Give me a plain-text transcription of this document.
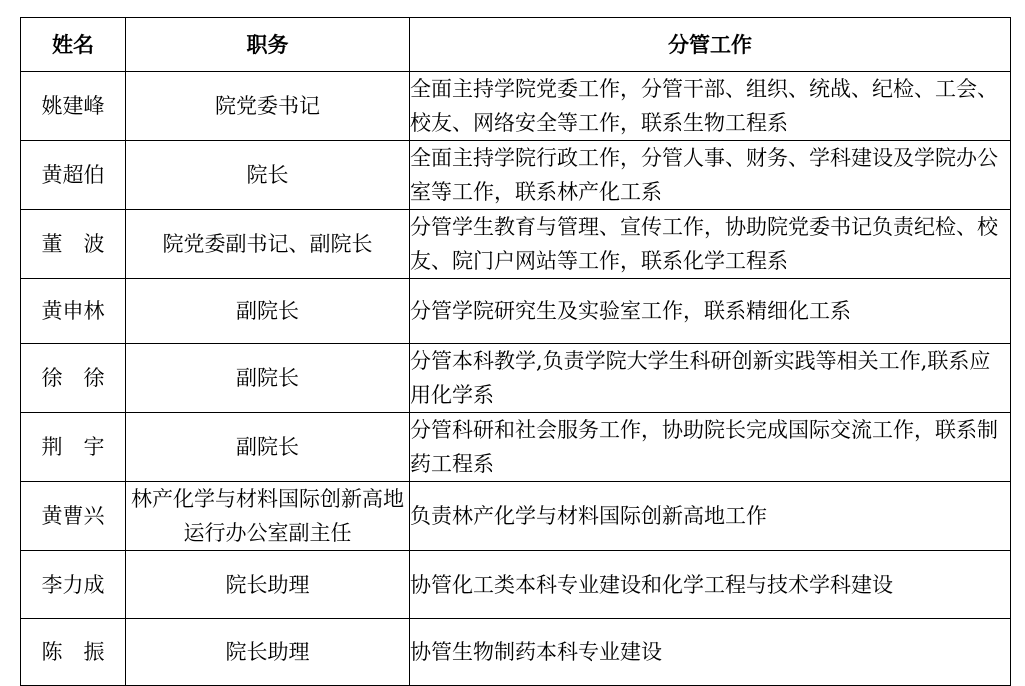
姓名	职务	分管工作
姚建峰	院党委书记	全面主持学院党委工作，分管干部、组织、统战、纪检、工会、校友、网络安全等工作，联系生物工程系
黄超伯	院长	全面主持学院行政工作，分管人事、财务、学科建设及学院办公室等工作，联系林产化工系
董　波	院党委副书记、副院长	分管学生教育与管理、宣传工作，协助院党委书记负责纪检、校友、院门户网站等工作，联系化学工程系
黄申林	副院长	分管学院研究生及实验室工作，联系精细化工系
徐　徐	副院长	分管本科教学,负责学院大学生科研创新实践等相关工作,联系应用化学系
荆　宇	副院长	分管科研和社会服务工作，协助院长完成国际交流工作，联系制药工程系
黄曹兴	林产化学与材料国际创新高地运行办公室副主任	负责林产化学与材料国际创新高地工作
李力成	院长助理	协管化工类本科专业建设和化学工程与技术学科建设
陈　振	院长助理	协管生物制药本科专业建设
